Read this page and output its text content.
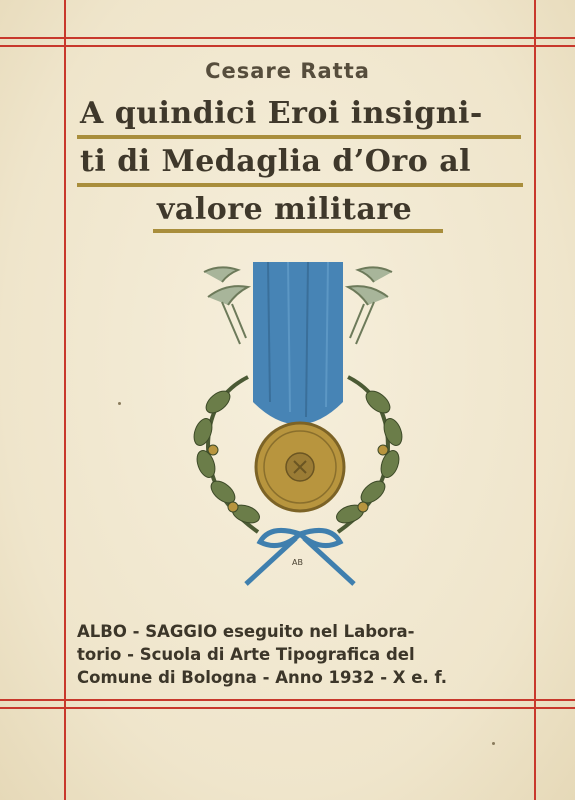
Cesare Ratta
A quindici Eroi insigni-
ti di Medaglia d’Oro al
valore militare
AB
ALBO - SAGGIO eseguito nel Labora-
torio - Scuola di Arte Tipografica del
Comune di Bologna - Anno 1932 - X e. f.
